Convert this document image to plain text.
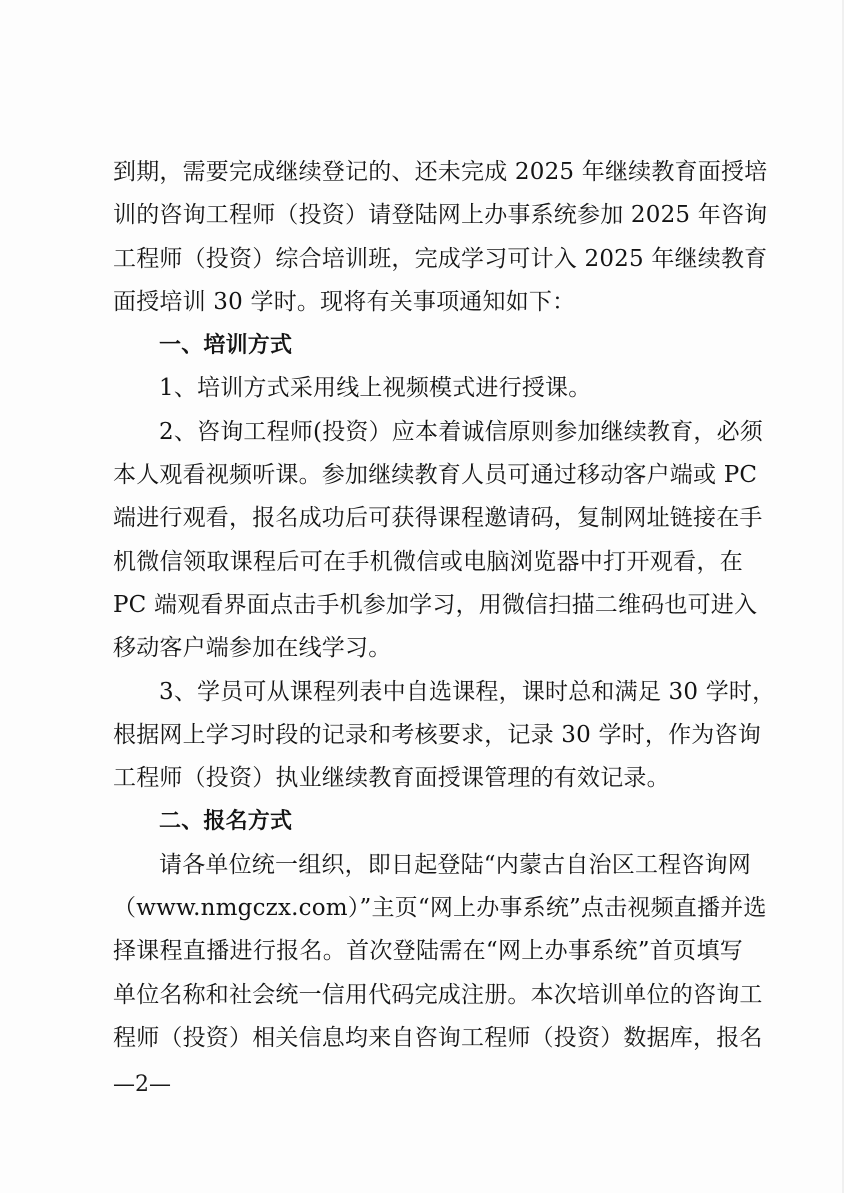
到期，需要完成继续登记的、还未完成 2025 年继续教育面授培
训的咨询工程师（投资）请登陆网上办事系统参加 2025 年咨询
工程师（投资）综合培训班，完成学习可计入 2025 年继续教育
面授培训 30 学时。现将有关事项通知如下：

一、培训方式

1、培训方式采用线上视频模式进行授课。

2、咨询工程师(投资）应本着诚信原则参加继续教育，必须
本人观看视频听课。参加继续教育人员可通过移动客户端或 PC
端进行观看，报名成功后可获得课程邀请码，复制网址链接在手
机微信领取课程后可在手机微信或电脑浏览器中打开观看，在
PC 端观看界面点击手机参加学习，用微信扫描二维码也可进入
移动客户端参加在线学习。

3、学员可从课程列表中自选课程，课时总和满足 30 学时，
根据网上学习时段的记录和考核要求，记录 30 学时，作为咨询
工程师（投资）执业继续教育面授课管理的有效记录。

二、报名方式

请各单位统一组织，即日起登陆“内蒙古自治区工程咨询网
（www.nmgczx.com）”主页“网上办事系统”点击视频直播并选
择课程直播进行报名。首次登陆需在“网上办事系统”首页填写
单位名称和社会统一信用代码完成注册。本次培训单位的咨询工
程师（投资）相关信息均来自咨询工程师（投资）数据库，报名

—2—
